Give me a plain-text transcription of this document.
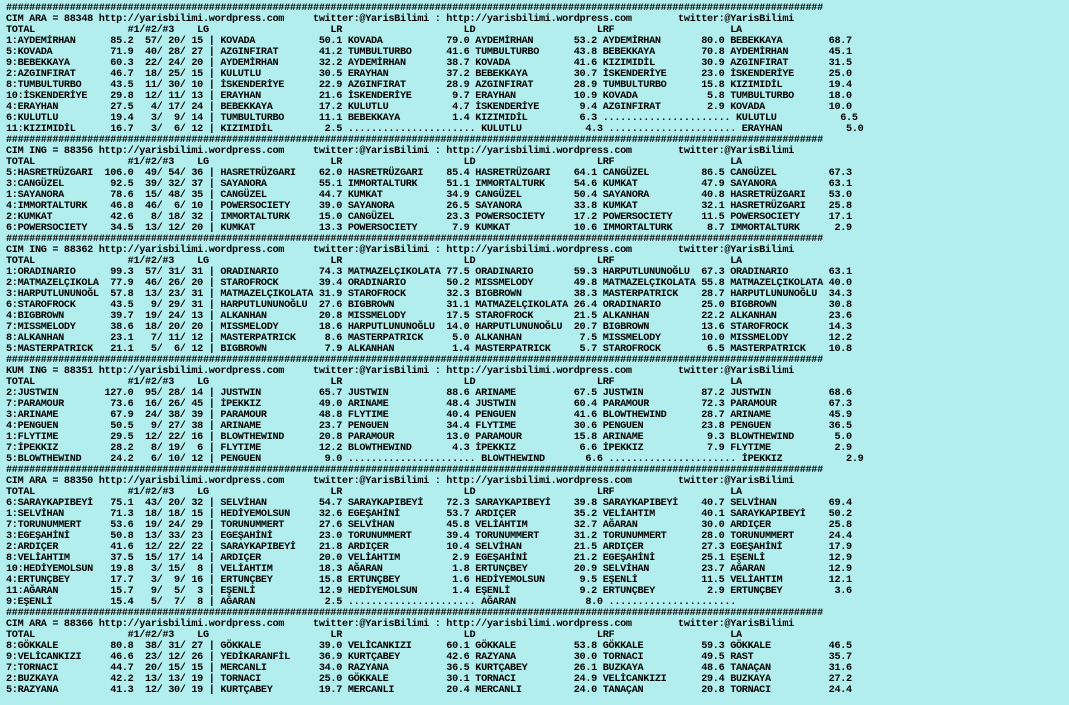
#############################################################################################################################################
CIM ARA = 88348 http://yarisbilimi.wordpress.com     twitter:@YarisBilimi : http://yarisbilimi.wordpress.com        twitter:@YarisBilimi
TOTAL                #1/#2/#3    LG                     LR                     LD                     LRF                    LA
1:AYDEMİRHAN      85.2  57/ 20/ 15 | KOVADA           50.1 KOVADA           79.0 AYDEMİRHAN       53.2 AYDEMİRHAN       80.0 BEBEKKAYA        68.7
5:KOVADA          71.9  40/ 28/ 27 | AZGINFIRAT       41.2 TUMBULTURBO      41.6 TUMBULTURBO      43.8 BEBEKKAYA        70.8 AYDEMİRHAN       45.1
9:BEBEKKAYA       60.3  22/ 24/ 20 | AYDEMİRHAN       32.2 AYDEMİRHAN       38.7 KOVADA           41.6 KIZIMIDİL        30.9 AZGINFIRAT       31.5
2:AZGINFIRAT      46.7  18/ 25/ 15 | KULUTLU          30.5 ERAYHAN          37.2 BEBEKKAYA        30.7 İSKENDERİYE      23.0 İSKENDERİYE      25.0
8:TUMBULTURBO     43.5  11/ 30/ 10 | İSKENDERİYE      22.9 AZGINFIRAT       28.9 AZGINFIRAT       28.9 TUMBULTURBO      15.8 KIZIMIDİL        19.4
10:İSKENDERİYE    29.8  12/ 11/ 13 | ERAYHAN          21.6 İSKENDERİYE       9.7 ERAYHAN          10.9 KOVADA            5.8 TUMBULTURBO      18.0
4:ERAYHAN         27.5   4/ 17/ 24 | BEBEKKAYA        17.2 KULUTLU           4.7 İSKENDERİYE       9.4 AZGINFIRAT        2.9 KOVADA           10.0
6:KULUTLU         19.4   3/  9/ 14 | TUMBULTURBO      11.1 BEBEKKAYA         1.4 KIZIMIDİL         6.3 ...................... KULUTLU           6.5
11:KIZIMIDİL      16.7   3/  6/ 12 | KIZIMIDİL         2.5 ...................... KULUTLU           4.3 ...................... ERAYHAN           5.0
#############################################################################################################################################
CIM ING = 88356 http://yarisbilimi.wordpress.com     twitter:@YarisBilimi : http://yarisbilimi.wordpress.com        twitter:@YarisBilimi
TOTAL                #1/#2/#3    LG                     LR                     LD                     LRF                    LA
5:HASRETRÜZGARI  106.0  49/ 54/ 36 | HASRETRÜZGARI    62.0 HASRETRÜZGARI    85.4 HASRETRÜZGARI    64.1 CANGÜZEL         86.5 CANGÜZEL         67.3
3:CANGÜZEL        92.5  39/ 32/ 37 | SAYANORA         55.1 IMMORTALTURK     51.1 IMMORTALTURK     54.6 KUMKAT           47.9 SAYANORA         63.1
1:SAYANORA        78.6  15/ 48/ 35 | CANGÜZEL         44.7 KUMKAT           34.9 CANGÜZEL         50.4 SAYANORA         40.8 HASRETRÜZGARI    53.0
4:IMMORTALTURK    46.8  46/  6/ 10 | POWERSOCIETY     39.0 SAYANORA         26.5 SAYANORA         33.8 KUMKAT           32.1 HASRETRÜZGARI    25.8
2:KUMKAT          42.6   8/ 18/ 32 | IMMORTALTURK     15.0 CANGÜZEL         23.3 POWERSOCIETY     17.2 POWERSOCIETY     11.5 POWERSOCIETY     17.1
6:POWERSOCIETY    34.5  13/ 12/ 20 | KUMKAT           13.3 POWERSOCIETY      7.9 KUMKAT           10.6 IMMORTALTURK      8.7 IMMORTALTURK      2.9
#############################################################################################################################################
CIM ING = 88362 http://yarisbilimi.wordpress.com     twitter:@YarisBilimi : http://yarisbilimi.wordpress.com        twitter:@YarisBilimi
TOTAL                #1/#2/#3    LG                     LR                     LD                     LRF                    LA
1:ORADINARIO      99.3  57/ 31/ 31 | ORADINARIO       74.3 MATMAZELÇIKOLATA 77.5 ORADINARIO       59.3 HARPUTLUNUNOĞLU  67.3 ORADINARIO       63.1
2:MATMAZELÇIKOLA  77.9  46/ 26/ 20 | STAROFROCK       39.4 ORADINARIO       50.2 MISSMELODY       49.8 MATMAZELÇIKOLATA 55.8 MATMAZELÇIKOLATA 40.0
3:HARPUTLUNUNOĞL  57.8  13/ 23/ 31 | MATMAZELÇIKOLATA 31.9 STAROFROCK       32.3 BIGBROWN         38.3 MASTERPATRICK    28.7 HARPUTLUNUNOĞLU  34.3
6:STAROFROCK      43.5   9/ 29/ 31 | HARPUTLUNUNOĞLU  27.6 BIGBROWN         31.1 MATMAZELÇIKOLATA 26.4 ORADINARIO       25.0 BIGBROWN         30.8
4:BIGBROWN        39.7  19/ 24/ 13 | ALKANHAN         20.8 MISSMELODY       17.5 STAROFROCK       21.5 ALKANHAN         22.2 ALKANHAN         23.6
7:MISSMELODY      38.6  18/ 20/ 20 | MISSMELODY       18.6 HARPUTLUNUNOĞLU  14.0 HARPUTLUNUNOĞLU  20.7 BIGBROWN         13.6 STAROFROCK       14.3
8:ALKANHAN        23.1   7/ 11/ 12 | MASTERPATRICK     8.6 MASTERPATRICK     5.0 ALKANHAN          7.5 MISSMELODY       10.0 MISSMELODY       12.2
5:MASTERPATRICK   21.1   5/  6/ 12 | BIGBROWN          7.9 ALKANHAN          1.4 MASTERPATRICK     5.7 STAROFROCK        6.5 MASTERPATRICK    10.8
#############################################################################################################################################
KUM ING = 88351 http://yarisbilimi.wordpress.com     twitter:@YarisBilimi : http://yarisbilimi.wordpress.com        twitter:@YarisBilimi
TOTAL                #1/#2/#3    LG                     LR                     LD                     LRF                    LA
2:JUSTWIN        127.0  95/ 28/ 14 | JUSTWIN          65.7 JUSTWIN          88.6 ARINAME          67.5 JUSTWIN          87.2 JUSTWIN          68.6
7:PARAMOUR        73.6  16/ 26/ 45 | İPEKKIZ          49.0 ARINAME          48.4 JUSTWIN          60.4 PARAMOUR         72.3 PARAMOUR         67.3
3:ARINAME         67.9  24/ 38/ 39 | PARAMOUR         48.8 FLYTIME          40.4 PENGUEN          41.6 BLOWTHEWIND      28.7 ARINAME          45.9
4:PENGUEN         50.5   9/ 27/ 38 | ARINAME          23.7 PENGUEN          34.4 FLYTIME          30.6 PENGUEN          23.8 PENGUEN          36.5
1:FLYTIME         29.5  12/ 22/ 16 | BLOWTHEWIND      20.8 PARAMOUR         13.0 PARAMOUR         15.8 ARINAME           9.3 BLOWTHEWIND       5.0
7:İPEKKIZ         28.2   8/ 19/  6 | FLYTIME          12.2 BLOWTHEWIND       4.3 İPEKKIZ           6.6 İPEKKIZ           7.9 FLYTIME           2.9
5:BLOWTHEWIND     24.2   6/ 10/ 12 | PENGUEN           9.0 ...................... BLOWTHEWIND       6.6 ...................... İPEKKIZ           2.9
#############################################################################################################################################
CIM ARA = 88350 http://yarisbilimi.wordpress.com     twitter:@YarisBilimi : http://yarisbilimi.wordpress.com        twitter:@YarisBilimi
TOTAL                #1/#2/#3    LG                     LR                     LD                     LRF                    LA
6:SARAYKAPIBEYİ   75.1  43/ 20/ 32 | SELVİHAN         54.7 SARAYKAPIBEYİ    72.3 SARAYKAPIBEYİ    39.8 SARAYKAPIBEYİ    40.7 SELVİHAN         69.4
1:SELVİHAN        71.3  18/ 18/ 15 | HEDİYEMOLSUN     32.6 EGEŞAHİNİ        53.7 ARDIÇER          35.2 VELİAHTIM        40.1 SARAYKAPIBEYİ    50.2
7:TORUNUMMERT     53.6  19/ 24/ 29 | TORUNUMMERT      27.6 SELVİHAN         45.8 VELİAHTIM        32.7 AĞARAN           30.0 ARDIÇER          25.8
3:EGEŞAHİNİ       50.8  13/ 33/ 23 | EGEŞAHİNİ        23.0 TORUNUMMERT      39.4 TORUNUMMERT      31.2 TORUNUMMERT      28.0 TORUNUMMERT      24.4
2:ARDIÇER         41.6  12/ 22/ 22 | SARAYKAPIBEYİ    21.8 ARDIÇER          10.4 SELVİHAN         21.5 ARDIÇER          27.3 EGEŞAHİNİ        17.9
8:VELİAHTIM       37.5  15/ 17/ 14 | ARDIÇER          20.0 VELİAHTIM         2.9 EGEŞAHİNİ        21.2 EGEŞAHİNİ        25.1 EŞENLİ           12.9
10:HEDİYEMOLSUN   19.8   3/ 15/  8 | VELİAHTIM        18.3 AĞARAN            1.8 ERTUNÇBEY        20.9 SELVİHAN         23.7 AĞARAN           12.9
4:ERTUNÇBEY       17.7   3/  9/ 16 | ERTUNÇBEY        15.8 ERTUNÇBEY         1.6 HEDİYEMOLSUN      9.5 EŞENLİ           11.5 VELİAHTIM        12.1
11:AĞARAN         15.7   9/  5/  3 | EŞENLİ           12.9 HEDİYEMOLSUN      1.4 EŞENLİ            9.2 ERTUNÇBEY         2.9 ERTUNÇBEY         3.6
9:EŞENLİ          15.4   5/  7/  8 | AĞARAN            2.5 ...................... AĞARAN            8.0 ......................
#############################################################################################################################################
CIM ARA = 88366 http://yarisbilimi.wordpress.com     twitter:@YarisBilimi : http://yarisbilimi.wordpress.com        twitter:@YarisBilimi
TOTAL                #1/#2/#3    LG                     LR                     LD                     LRF                    LA
8:GÖKKALE         80.8  38/ 31/ 27 | GÖKKALE          39.0 VELİCANKIZI      60.1 GÖKKALE          53.8 GÖKKALE          59.3 GÖKKALE          46.5
9:VELİCANKIZI     46.6  23/ 12/ 26 | YEDİKARANFİL     36.9 KURTÇABEY        42.6 RAZYANA          30.0 TORNACI          49.5 RAST             35.7
7:TORNACI         44.7  20/ 15/ 15 | MERCANLI         34.0 RAZYANA          36.5 KURTÇABEY        26.1 BUZKAYA          48.6 TANAÇAN          31.6
2:BUZKAYA         42.2  13/ 13/ 19 | TORNACI          25.0 GÖKKALE          30.1 TORNACI          24.9 VELİCANKIZI      29.4 BUZKAYA          27.2
5:RAZYANA         41.3  12/ 30/ 19 | KURTÇABEY        19.7 MERCANLI         20.4 MERCANLI         24.0 TANAÇAN          20.8 TORNACI          24.4
